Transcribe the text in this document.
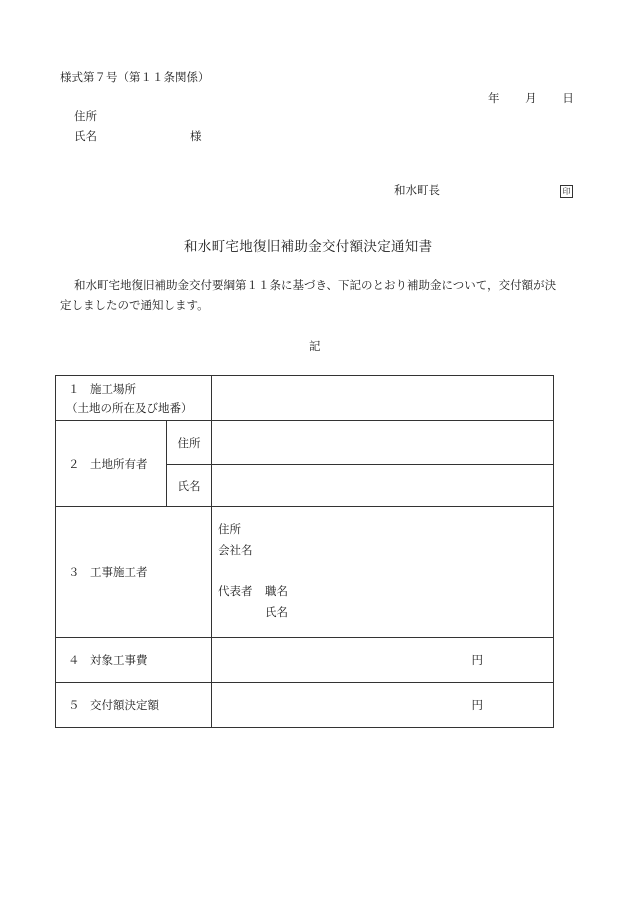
様式第７号（第１１条関係）
年 月 日
住所
氏名	様
和水町長	印
和水町宅地復旧補助金交付額決定通知書
和水町宅地復旧補助金交付要綱第１１条に基づき、下記のとおり補助金について，交付額が決
定しましたので通知します。
記
１ 施工場所
（土地の所在及び地番）		

２ 土地所有者	住所	
	氏名	

３ 工事施工者		住所
会社名
代表者 職名
氏名

４ 対象工事費		円

５ 交付額決定額		円
